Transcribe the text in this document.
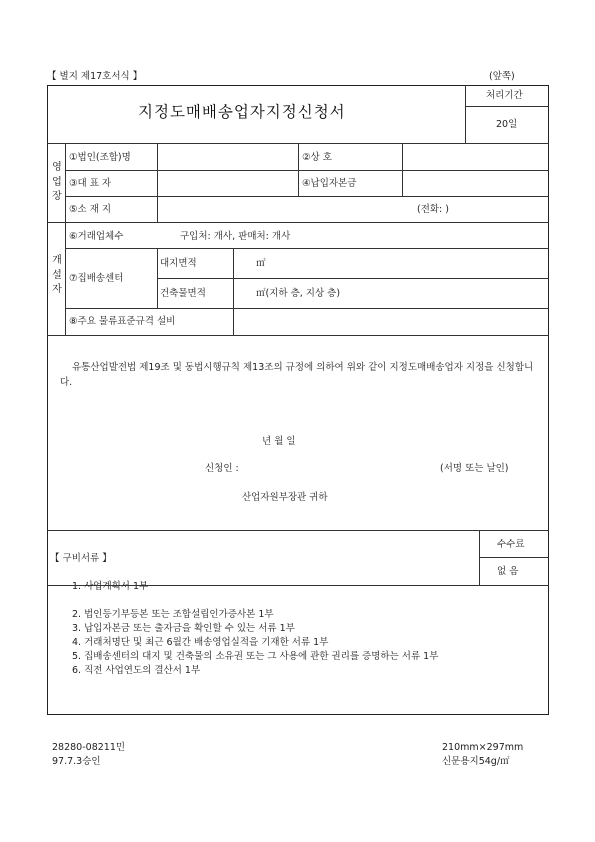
【 별지 제17호서식 】	(앞쪽)
지정도매배송업자지정신청서
처리기간
20일
영업장
①법인(조합)명	②상 호
③대 표 자	④납입자본금
⑤소 재 지	(전화: )
개설자
⑥거래업체수	구입처: 개사, 판매처: 개사
⑦집배송센터
대지면적	㎡
건축물면적	㎡(지하 층, 지상 층)
⑧주요 물류표준규격 설비
유통산업발전법 제19조 및 동법시행규칙 제13조의 규정에 의하여 위와 같이 지정도매배송업자 지정을 신청합니다.
년 월 일
신청인 :	(서명 또는 날인)
산업자원부장관 귀하
수수료
없 음
【 구비서류 】
1. 사업계획서 1부
2. 법인등기부등본 또는 조합설립인가증사본 1부
3. 납입자본금 또는 출자금을 확인할 수 있는 서류 1부
4. 거래처명단 및 최근 6월간 배송영업실적을 기재한 서류 1부
5. 집배송센터의 대지 및 건축물의 소유권 또는 그 사용에 관한 권리를 증명하는 서류 1부
6. 직전 사업연도의 결산서 1부
28280-08211민
97.7.3승인
210mm×297mm
신문용지54g/㎡
